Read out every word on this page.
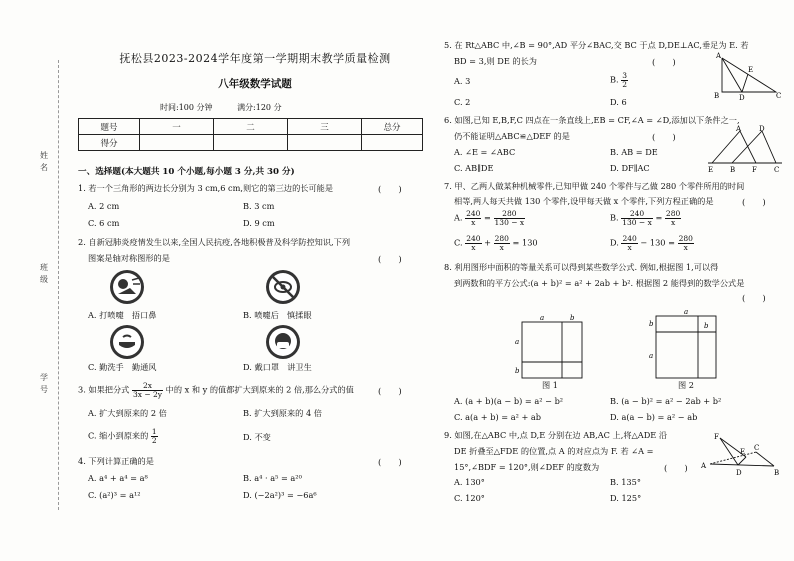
姓
名
班
级
学
号
抚松县2023-2024学年度第一学期期末教学质量检测
八年级数学试题
时间:100 分钟	满分:120 分
题号	一	二	三	总分
得分				
一、选择题(本大题共 10 个小题,每小题 3 分,共 30 分)
1. 若一个三角形的两边长分别为 3 cm,6 cm,则它的第三边的长可能是	(　　)
A. 2 cm	B. 3 cm
C. 6 cm	D. 9 cm
2. 自新冠肺炎疫情发生以来,全国人民抗疫,各地积极普及科学防控知识,下列
图案是轴对称图形的是	(　　)
A. 打喷嚏　捂口鼻	B. 喷嚏后　慎揉眼
C. 勤洗手　勤通风	D. 戴口罩　讲卫生
3. 如果把分式 $\frac{2x}{3x - 2y}$ 中的 x 和 y 的值都扩大到原来的 2 倍,那么分式的值	(　　)
A. 扩大到原来的 2 倍	B. 扩大到原来的 4 倍
C. 缩小到原来的 $\frac{1}{2}$	D. 不变
4. 下列计算正确的是	(　　)
A. a⁴ + a⁴ = a⁸	B. a⁴ · a⁵ = a²⁰
C. (a²)³ = a¹²	D. (−2a²)³ = −6a⁶
5. 在 Rt△ABC 中,∠B = 90°,AD 平分∠BAC,交 BC 于点 D,DE⊥AC,垂足为 E. 若
BD = 3,则 DE 的长为	(　　)
A
B	D
E
C
A. 3	B. $\frac{3}{2}$
C. 2	D. 6
6. 如图,已知 E,B,F,C 四点在一条直线上,EB = CF,∠A = ∠D,添加以下条件之一,
仍不能证明△ABC≌△DEF 的是	(　　)
A	D
E B F C
A. ∠E = ∠ABC	B. AB = DE
C. AB∥DE	D. DF∥AC
7. 甲、乙两人做某种机械零件,已知甲做 240 个零件与乙做 280 个零件所用的时间
相等,两人每天共做 130 个零件,设甲每天做 x 个零件,下列方程正确的是	(　　)
A. $\frac{240}{x} = \frac{280}{130 - x}$	B. $\frac{240}{130 - x} = \frac{280}{x}$
C. $\frac{240}{x} + \frac{280}{x} = 130$	D. $\frac{240}{x} - 130 = \frac{280}{x}$
8. 利用图形中面积的等量关系可以得到某些数学公式. 例如,根据图 1,可以得
到两数和的平方公式:(a + b)² = a² + 2ab + b². 根据图 2 能得到的数学公式是
(　　)
a	b
a
b
图 1
a
b
b
a
图 2
A. (a + b)(a − b) = a² − b²	B. (a − b)² = a² − 2ab + b²
C. a(a + b) = a² + ab	D. a(a − b) = a² − ab
9. 如图,在△ABC 中,点 D,E 分别在边 AB,AC 上,将△ADE 沿
DE 折叠至△FDE 的位置,点 A 的对应点为 F. 若 ∠A =
15°,∠BDF = 120°,则∠DEF 的度数为	(　　)
F
E C
A
D	B
A. 130°	B. 135°
C. 120°	D. 125°
